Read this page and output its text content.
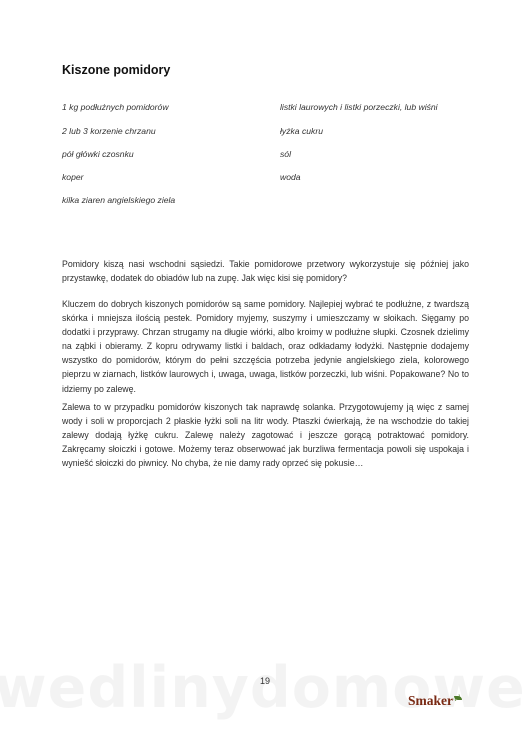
Kiszone pomidory
1 kg podłużnych pomidorów
2 lub 3 korzenie chrzanu
pół główki czosnku
koper
kilka ziaren angielskiego ziela
listki laurowych i listki porzeczki, lub wiśni
łyżka cukru
sól
woda

Pomidory kiszą nasi wschodni sąsiedzi. Takie pomidorowe przetwory wykorzystuje się później jako przystawkę, dodatek do obiadów lub na zupę. Jak więc kisi się pomidory?

Kluczem do dobrych kiszonych pomidorów są same pomidory. Najlepiej wybrać te podłużne, z twardszą skórka i mniejsza ilością pestek. Pomidory myjemy, suszymy i umieszczamy w słoikach. Sięgamy po dodatki i przyprawy. Chrzan strugamy na długie wiórki, albo kroimy w podłużne słupki. Czosnek dzielimy na ząbki i obieramy. Z kopru odrywamy listki i baldach, oraz odkładamy łodyżki. Następnie dodajemy wszystko do pomidorów, którym do pełni szczęścia potrzeba jedynie angielskiego ziela, kolorowego pieprzu w ziarnach, listków laurowych i, uwaga, uwaga, listków porzeczki, lub wiśni. Popakowane? No to idziemy po zalewę.

Zalewa to w przypadku pomidorów kiszonych tak naprawdę solanka. Przygotowujemy ją więc z samej wody i soli w proporcjach 2 płaskie łyżki soli na litr wody. Ptaszki ćwierkają, że na wschodzie do takiej zalewy dodają łyżkę cukru. Zalewę należy zagotować i jeszcze gorącą potraktować pomidory. Zakręcamy słoiczki i gotowe. Możemy teraz obserwować jak burzliwa fermentacja powoli się uspokaja i wyniešć słoiczki do piwnicy. No chyba, że nie damy rady oprzeć się pokusie…

19
Smaker
